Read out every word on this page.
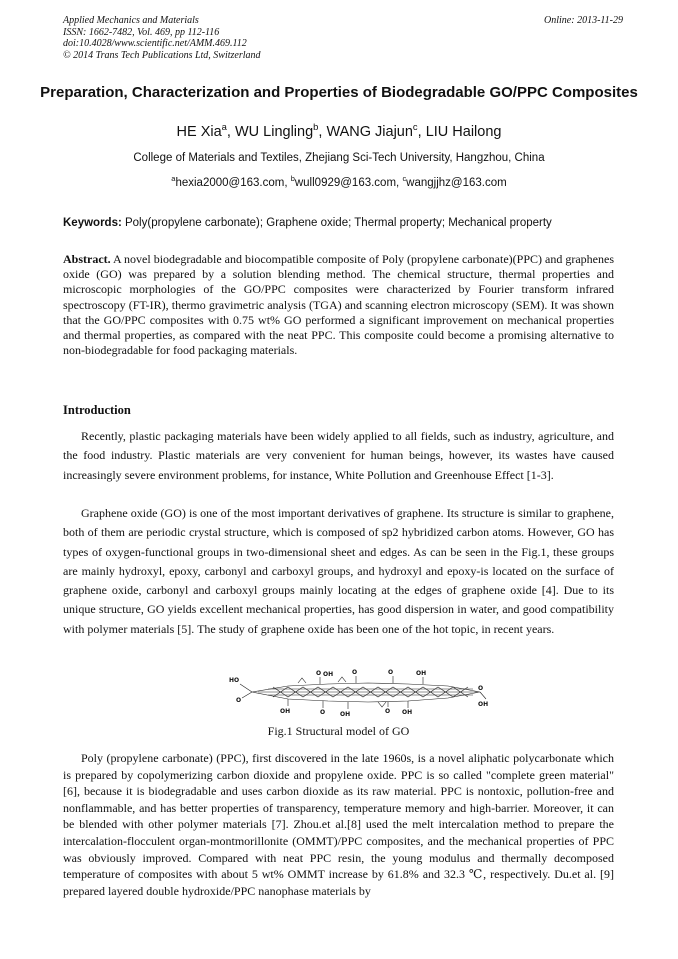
Applied Mechanics and Materials
ISSN: 1662-7482, Vol. 469, pp 112-116
doi:10.4028/www.scientific.net/AMM.469.112
© 2014 Trans Tech Publications Ltd, Switzerland
Online: 2013-11-29
Preparation, Characterization and Properties of Biodegradable GO/PPC Composites
HE Xia$^a$, WU Lingling$^b$, WANG Jiajun$^c$, LIU Hailong
College of Materials and Textiles, Zhejiang Sci-Tech University, Hangzhou, China
$^a$hexia2000@163.com, $^b$wull0929@163.com, $^c$wangjjhz@163.com
Keywords: Poly(propylene carbonate); Graphene oxide; Thermal property; Mechanical property
Abstract. A novel biodegradable and biocompatible composite of Poly (propylene carbonate)(PPC) and graphenes oxide (GO) was prepared by a solution blending method. The chemical structure, thermal properties and microscopic morphologies of the GO/PPC composites were characterized by Fourier transform infrared spectroscopy (FT-IR), thermo gravimetric analysis (TGA) and scanning electron microscopy (SEM). It was shown that the GO/PPC composites with 0.75 wt% GO performed a significant improvement on mechanical properties and thermal properties, as compared with the neat PPC. This composite could become a promising alternative to non-biodegradable for food packaging materials.
Introduction

Recently, plastic packaging materials have been widely applied to all fields, such as industry, agriculture, and the food industry. Plastic materials are very convenient for human beings, however, its wastes have caused increasingly severe environment problems, for instance, White Pollution and Greenhouse Effect [1-3].

Graphene oxide (GO) is one of the most important derivatives of graphene. Its structure is similar to graphene, both of them are periodic crystal structure, which is composed of sp2 hybridized carbon atoms. However, GO has types of oxygen-functional groups in two-dimensional sheet and edges. As can be seen in the Fig.1, these groups are mainly hydroxyl, epoxy, carbonyl and carboxyl groups, and hydroxyl and epoxy-is located on the surface of graphene oxide, carbonyl and carboxyl groups mainly locating at the edges of graphene oxide [4]. Due to its unique structure, GO yields excellent mechanical properties, has good dispersion in water, and good compatibility with polymer materials [5]. The study of graphene oxide has been one of the hot topic, in recent years.

HO
O
O OH	O	O	OH
O
OH
OH	O OH	O OH
Fig.1 Structural model of GO

Poly (propylene carbonate) (PPC), first discovered in the late 1960s, is a novel aliphatic polycarbonate which is prepared by copolymerizing carbon dioxide and propylene oxide. PPC is so called "complete green material" [6], because it is biodegradable and uses carbon dioxide as its raw material. PPC is nontoxic, pollution-free and nonflammable, and has better properties of transparency, temperature memory and high-barrier. Moreover, it can be blended with other polymer materials [7]. Zhou.et al.[8] used the melt intercalation method to prepare the intercalation-flocculent organ-montmorillonite (OMMT)/PPC composites, and the mechanical properties of PPC was obviously improved. Compared with neat PPC resin, the young modulus and thermally decomposed temperature of composites with about 5 wt% OMMT increase by 61.8% and 32.3 ℃, respectively. Du.et al. [9] prepared layered double hydroxide/PPC nanophase materials by
